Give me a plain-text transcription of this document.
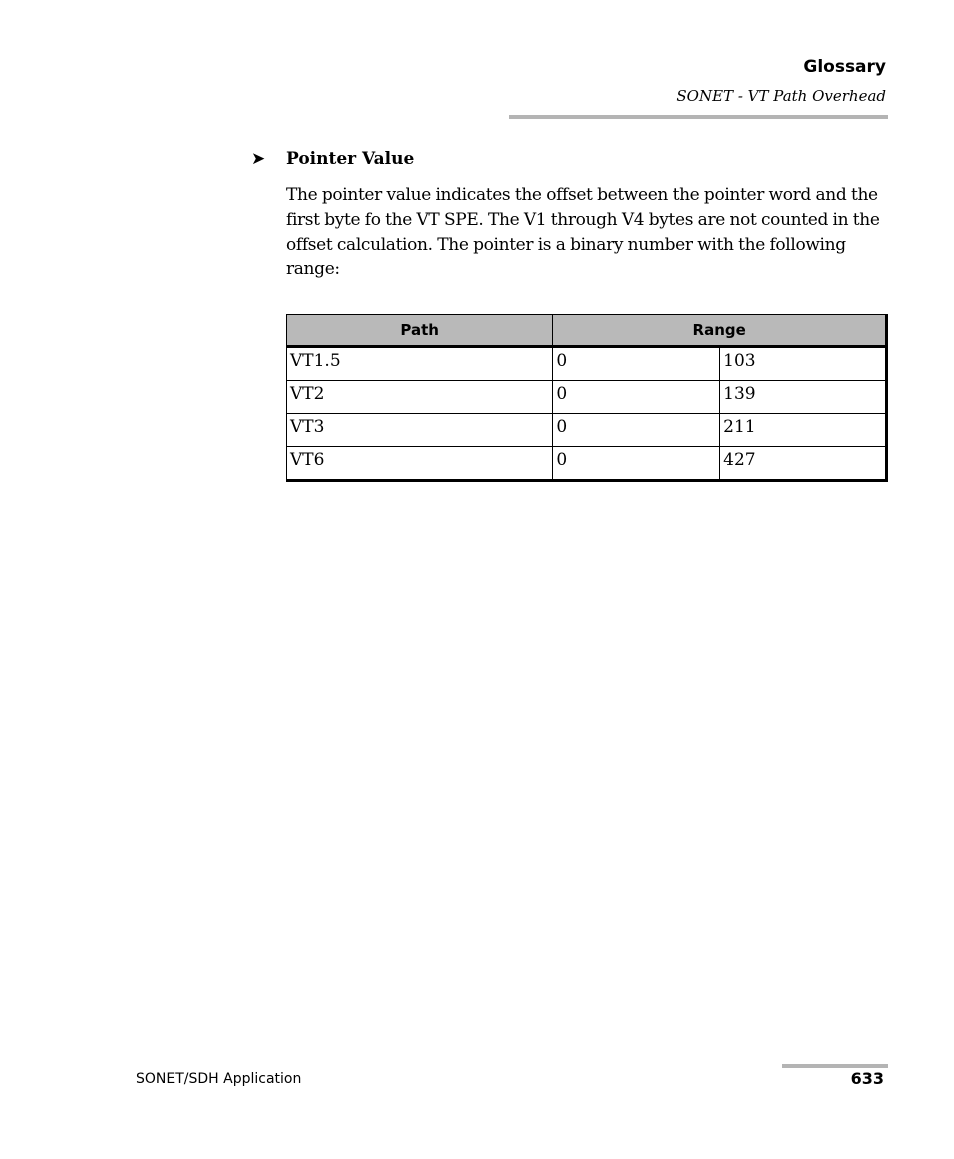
Glossary
SONET - VT Path Overhead
➤ Pointer Value

The pointer value indicates the offset between the pointer word and the first byte fo the VT SPE. The V1 through V4 bytes are not counted in the offset calculation. The pointer is a binary number with the following range:

Path	Range	
VT1.5	0	103
VT2	0	139
VT3	0	211
VT6	0	427
SONET/SDH Application	633
